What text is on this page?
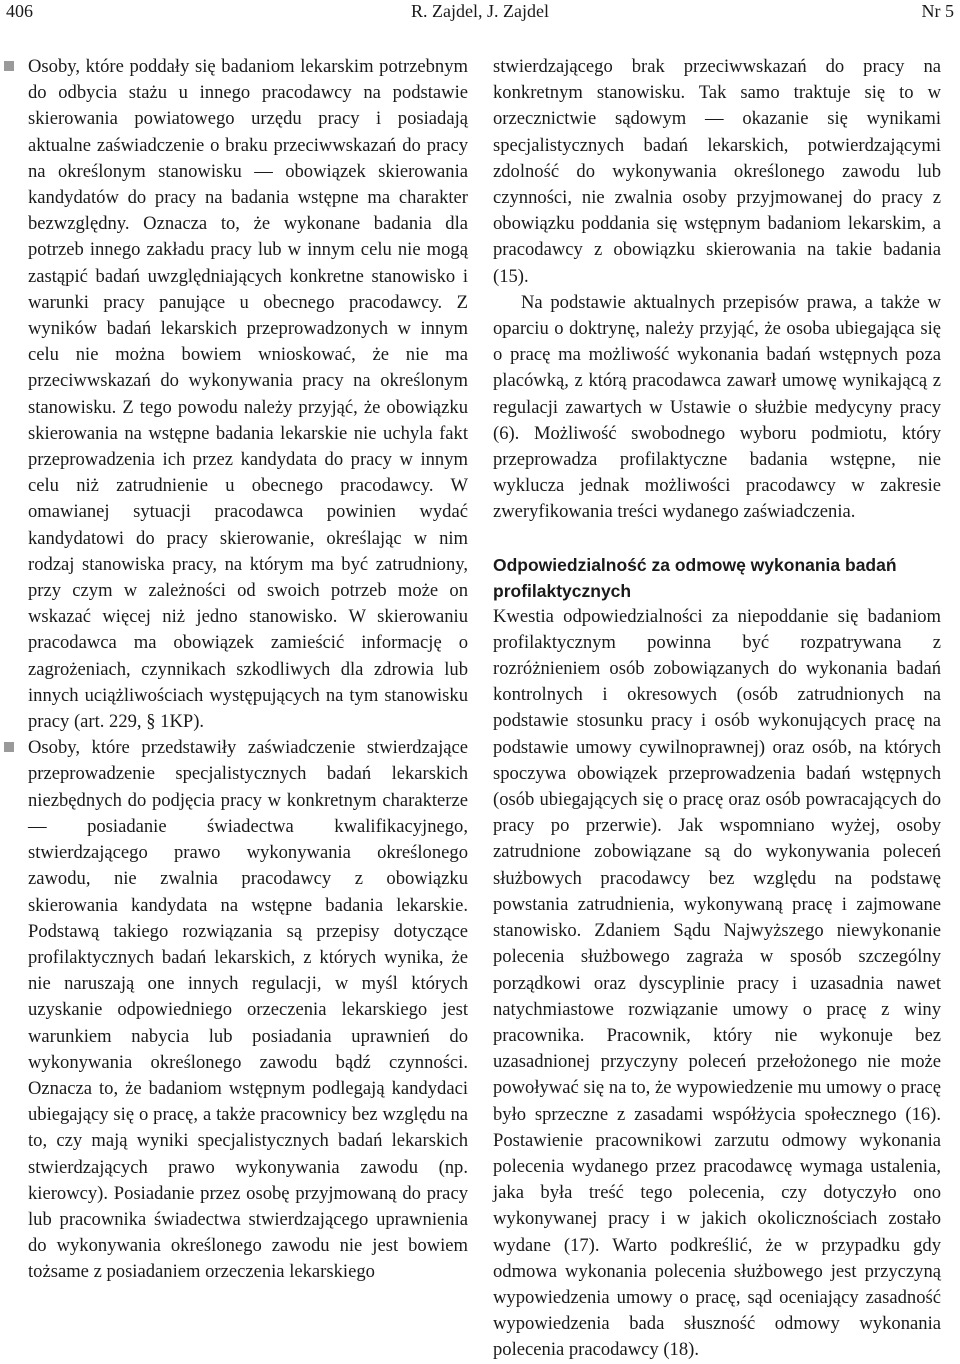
406	R. Zajdel, J. Zajdel	Nr 5

Osoby, które poddały się badaniom lekarskim potrzebnym do odbycia stażu u innego pracodawcy na podstawie skierowania powiatowego urzędu pracy i posiadają aktualne zaświadczenie o braku przeciwwskazań do pracy na określonym stanowisku — obowiązek skierowania kandydatów do pracy na badania wstępne ma charakter bezwzględny. Oznacza to, że wykonane badania dla potrzeb innego zakładu pracy lub w innym celu nie mogą zastąpić badań uwzględniających konkretne stanowisko i warunki pracy panujące u obecnego pracodawcy. Z wyników badań lekarskich przeprowadzonych w innym celu nie można bowiem wnioskować, że nie ma przeciwwskazań do wykonywania pracy na określonym stanowisku. Z tego powodu należy przyjąć, że obowiązku skierowania na wstępne badania lekarskie nie uchyla fakt przeprowadzenia ich przez kandydata do pracy w innym celu niż zatrudnienie u obecnego pracodawcy. W omawianej sytuacji pracodawca powinien wydać kandydatowi do pracy skierowanie, określając w nim rodzaj stanowiska pracy, na którym ma być zatrudniony, przy czym w zależności od swoich potrzeb może on wskazać więcej niż jedno stanowisko. W skierowaniu pracodawca ma obowiązek zamieścić informację o zagrożeniach, czynnikach szkodliwych dla zdrowia lub innych uciążliwościach występujących na tym stanowisku pracy (art. 229, § 1KP).

Osoby, które przedstawiły zaświadczenie stwierdzające przeprowadzenie specjalistycznych badań lekarskich niezbędnych do podjęcia pracy w konkretnym charakterze — posiadanie świadectwa kwalifikacyjnego, stwierdzającego prawo wykonywania określonego zawodu, nie zwalnia pracodawcy z obowiązku skierowania kandydata na wstępne badania lekarskie. Podstawą takiego rozwiązania są przepisy dotyczące profilaktycznych badań lekarskich, z których wynika, że nie naruszają one innych regulacji, w myśl których uzyskanie odpowiedniego orzeczenia lekarskiego jest warunkiem nabycia lub posiadania uprawnień do wykonywania określonego zawodu bądź czynności. Oznacza to, że badaniom wstępnym podlegają kandydaci ubiegający się o pracę, a także pracownicy bez względu na to, czy mają wyniki specjalistycznych badań lekarskich stwierdzających prawo wykonywania zawodu (np. kierowcy). Posiadanie przez osobę przyjmowaną do pracy lub pracownika świadectwa stwierdzającego uprawnienia do wykonywania określonego zawodu nie jest bowiem tożsame z posiadaniem orzeczenia lekarskiego

stwierdzającego brak przeciwwskazań do pracy na konkretnym stanowisku. Tak samo traktuje się to w orzecznictwie sądowym — okazanie się wynikami specjalistycznych badań lekarskich, potwierdzającymi zdolność do wykonywania określonego zawodu lub czynności, nie zwalnia osoby przyjmowanej do pracy z obowiązku poddania się wstępnym badaniom lekarskim, a pracodawcy z obowiązku skierowania na takie badania (15).

Na podstawie aktualnych przepisów prawa, a także w oparciu o doktrynę, należy przyjąć, że osoba ubiegająca się o pracę ma możliwość wykonania badań wstępnych poza placówką, z którą pracodawca zawarł umowę wynikającą z regulacji zawartych w Ustawie o służbie medycyny pracy (6). Możliwość swobodnego wyboru podmiotu, który przeprowadza profilaktyczne badania wstępne, nie wyklucza jednak możliwości pracodawcy w zakresie zweryfikowania treści wydanego zaświadczenia.

Odpowiedzialność za odmowę wykonania badań profilaktycznych

Kwestia odpowiedzialności za niepoddanie się badaniom profilaktycznym powinna być rozpatrywana z rozróżnieniem osób zobowiązanych do wykonania badań kontrolnych i okresowych (osób zatrudnionych na podstawie stosunku pracy i osób wykonujących pracę na podstawie umowy cywilnoprawnej) oraz osób, na których spoczywa obowiązek przeprowadzenia badań wstępnych (osób ubiegających się o pracę oraz osób powracających do pracy po przerwie). Jak wspomniano wyżej, osoby zatrudnione zobowiązane są do wykonywania poleceń służbowych pracodawcy bez względu na podstawę powstania zatrudnienia, wykonywaną pracę i zajmowane stanowisko. Zdaniem Sądu Najwyższego niewykonanie polecenia służbowego zagraża w sposób szczególny porządkowi oraz dyscyplinie pracy i uzasadnia nawet natychmiastowe rozwiązanie umowy o pracę z winy pracownika. Pracownik, który nie wykonuje bez uzasadnionej przyczyny poleceń przełożonego nie może powoływać się na to, że wypowiedzenie mu umowy o pracę było sprzeczne z zasadami współżycia społecznego (16). Postawienie pracownikowi zarzutu odmowy wykonania polecenia wydanego przez pracodawcę wymaga ustalenia, jaka była treść tego polecenia, czy dotyczyło ono wykonywanej pracy i w jakich okolicznościach zostało wydane (17). Warto podkreślić, że w przypadku gdy odmowa wykonania polecenia służbowego jest przyczyną wypowiedzenia umowy o pracę, sąd oceniający zasadność wypowiedzenia bada słuszność odmowy wykonania polecenia pracodawcy (18).
